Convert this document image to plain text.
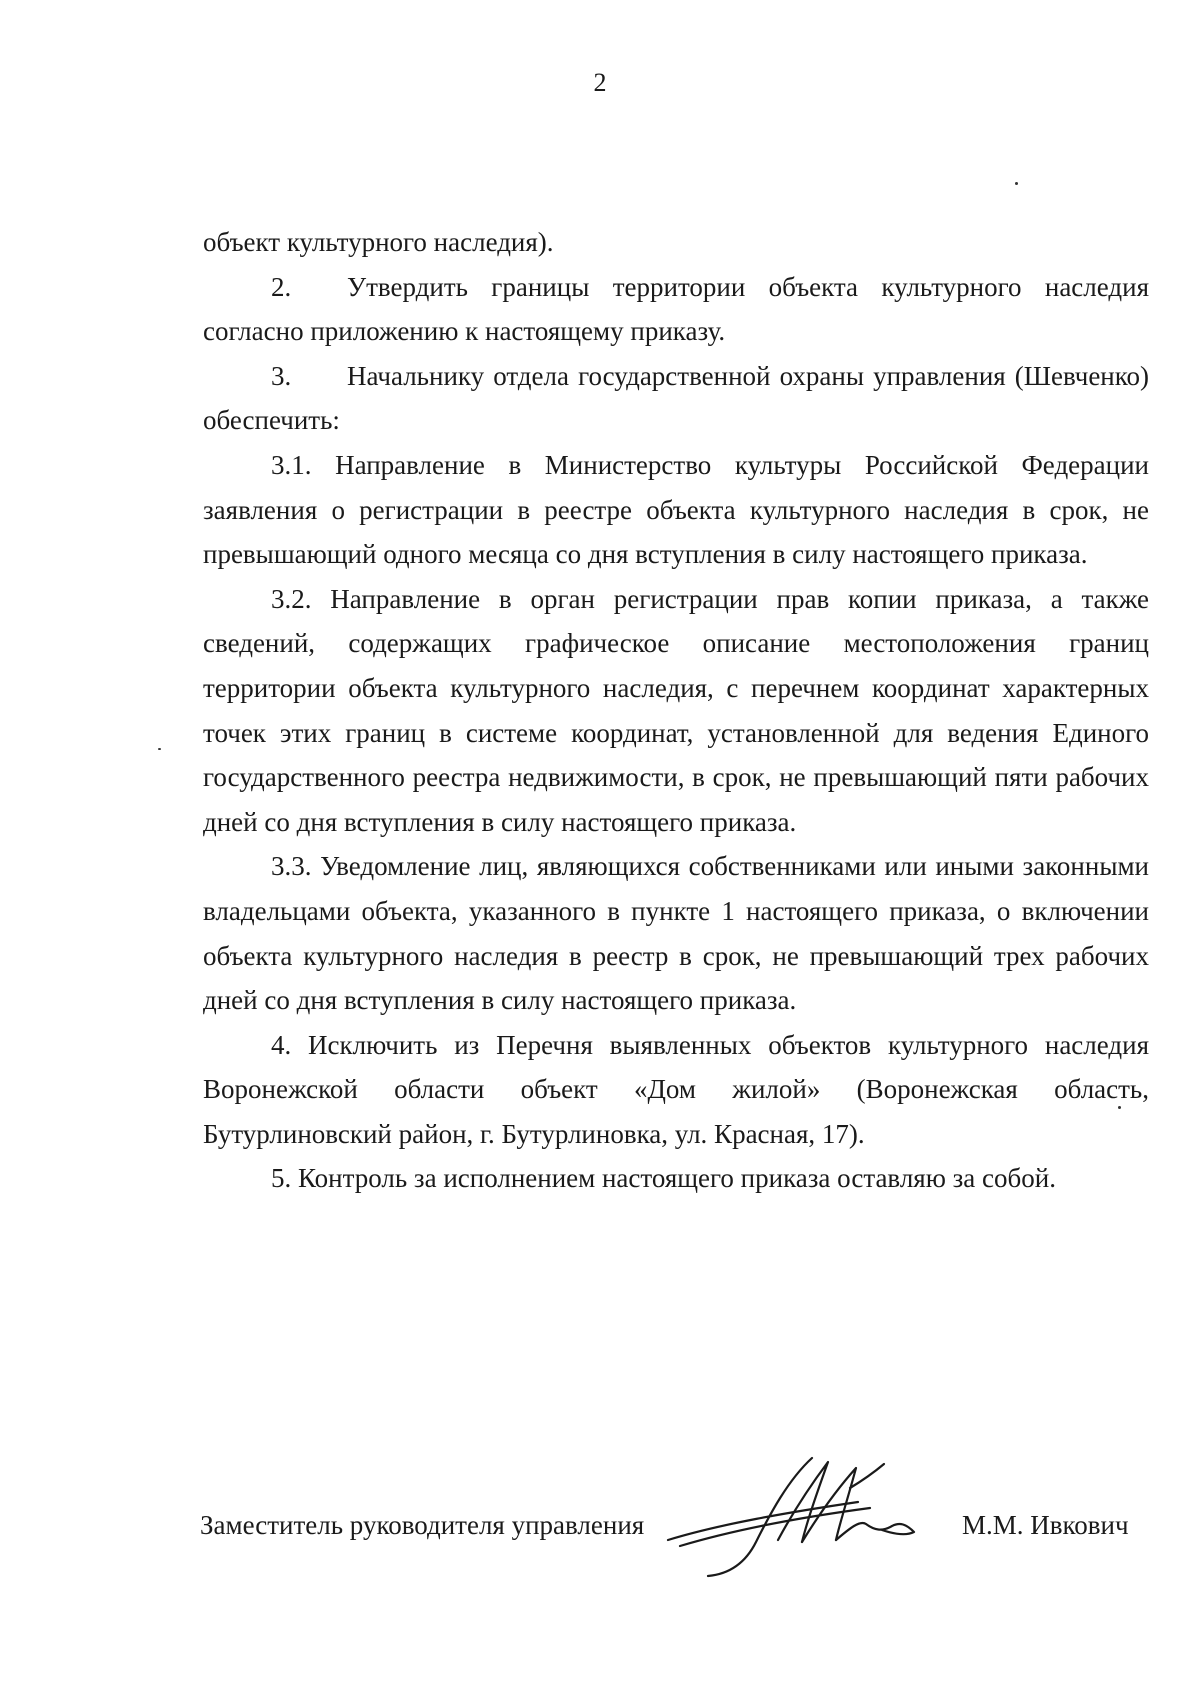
2

объект культурного наследия).

2. Утвердить границы территории объекта культурного наследия согласно приложению к настоящему приказу.

3. Начальнику отдела государственной охраны управления (Шевченко) обеспечить:

3.1. Направление в Министерство культуры Российской Федерации заявления о регистрации в реестре объекта культурного наследия в срок, не превышающий одного месяца со дня вступления в силу настоящего приказа.

3.2. Направление в орган регистрации прав копии приказа, а также сведений, содержащих графическое описание местоположения границ территории объекта культурного наследия, с перечнем координат характерных точек этих границ в системе координат, установленной для ведения Единого государственного реестра недвижимости, в срок, не превышающий пяти рабочих дней со дня вступления в силу настоящего приказа.

3.3. Уведомление лиц, являющихся собственниками или иными законными владельцами объекта, указанного в пункте 1 настоящего приказа, о включении объекта культурного наследия в реестр в срок, не превышающий трех рабочих дней со дня вступления в силу настоящего приказа.

4. Исключить из Перечня выявленных объектов культурного наследия Воронежской области объект «Дом жилой» (Воронежская область, Бутурлиновский район, г. Бутурлиновка, ул. Красная, 17).

5. Контроль за исполнением настоящего приказа оставляю за собой.

Заместитель руководителя управления	М.М. Ивкович
